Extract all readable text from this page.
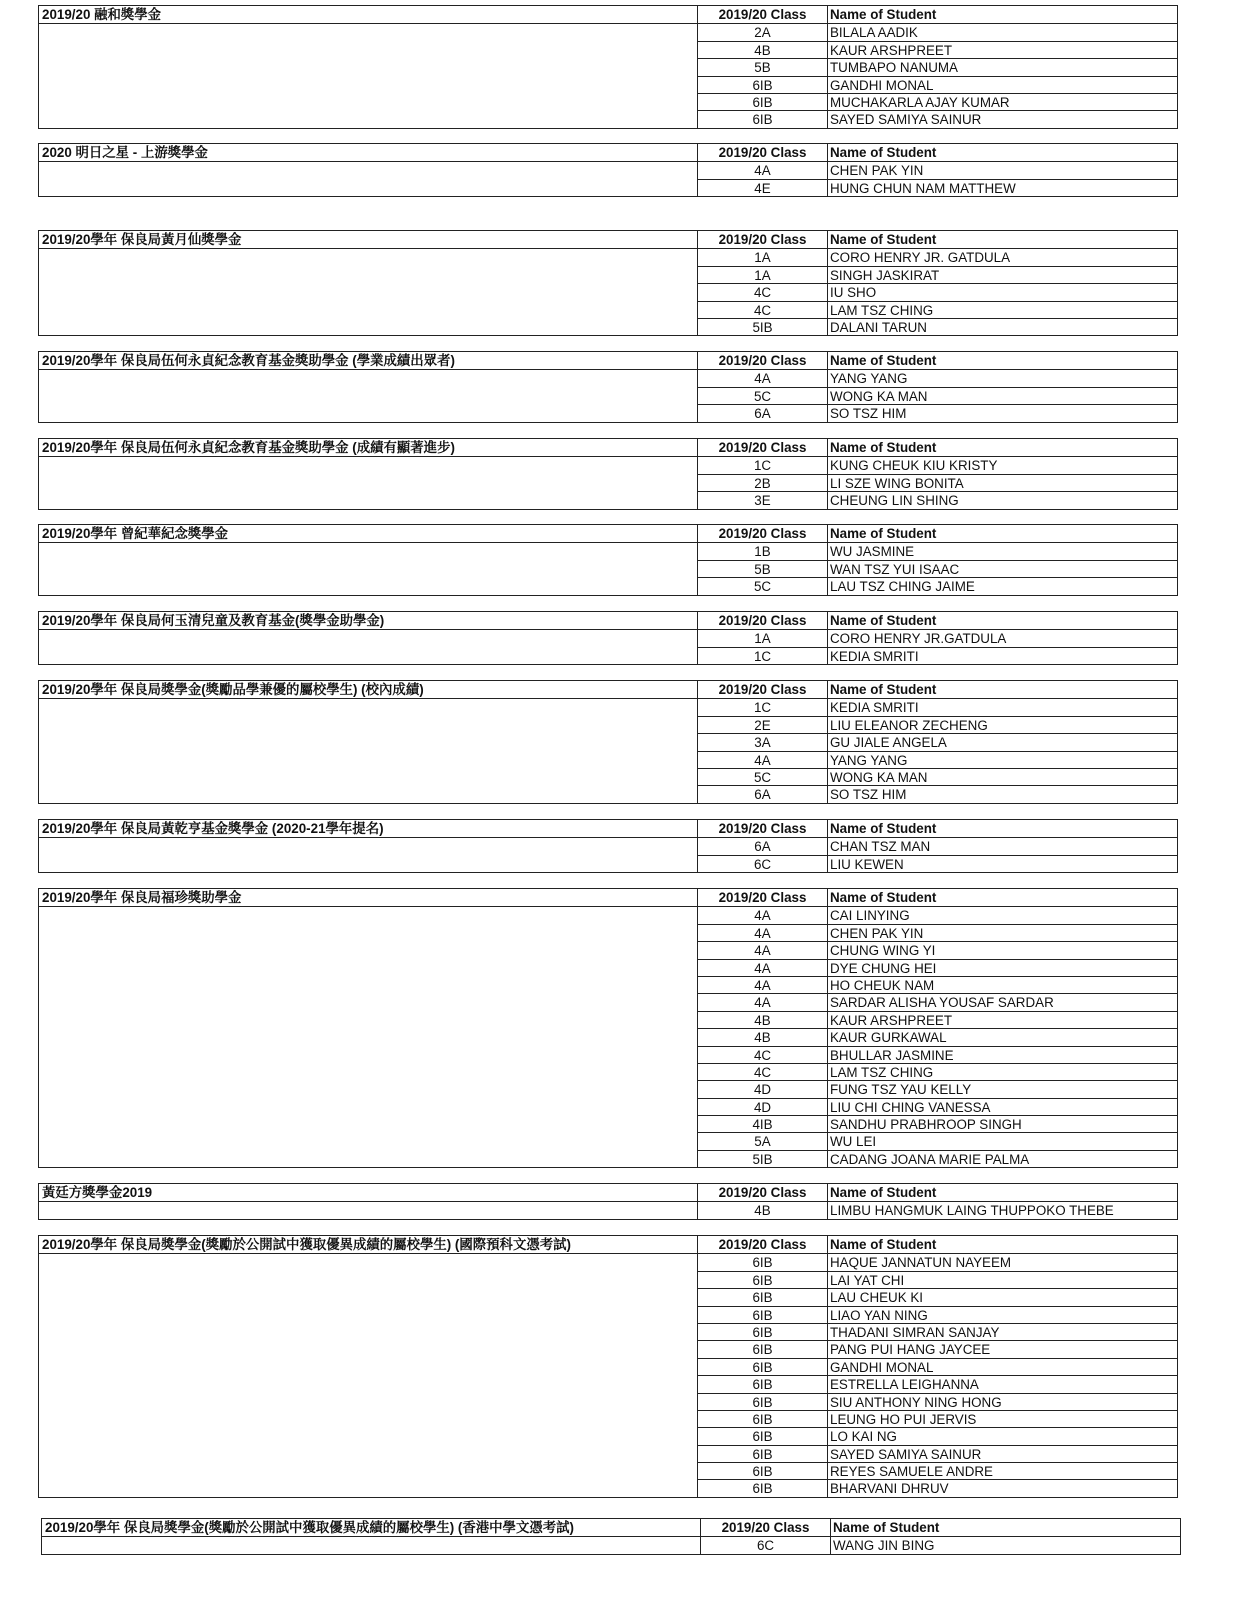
2019/20 融和獎學金	2019/20 Class	Name of Student
2A	BILALA AADIK
4B	KAUR ARSHPREET
5B	TUMBAPO NANUMA
6IB	GANDHI MONAL
6IB	MUCHAKARLA AJAY KUMAR
6IB	SAYED SAMIYA SAINUR
2020 明日之星 - 上游獎學金	2019/20 Class	Name of Student
4A	CHEN PAK YIN
4E	HUNG CHUN NAM MATTHEW
2019/20學年 保良局黃月仙獎學金	2019/20 Class	Name of Student
1A	CORO HENRY JR. GATDULA
1A	SINGH JASKIRAT
4C	IU SHO
4C	LAM TSZ CHING
5IB	DALANI TARUN
2019/20學年 保良局伍何永貞紀念教育基金獎助學金 (學業成績出眾者)	2019/20 Class	Name of Student
4A	YANG YANG
5C	WONG KA MAN
6A	SO TSZ HIM
2019/20學年 保良局伍何永貞紀念教育基金獎助學金 (成績有顯著進步)	2019/20 Class	Name of Student
1C	KUNG CHEUK KIU KRISTY
2B	LI SZE WING BONITA
3E	CHEUNG LIN SHING
2019/20學年 曾紀華紀念獎學金	2019/20 Class	Name of Student
1B	WU JASMINE
5B	WAN TSZ YUI ISAAC
5C	LAU TSZ CHING JAIME
2019/20學年 保良局何玉清兒童及教育基金(獎學金助學金)	2019/20 Class	Name of Student
1A	CORO HENRY JR.GATDULA
1C	KEDIA SMRITI
2019/20學年 保良局獎學金(獎勵品學兼優的屬校學生) (校內成績)	2019/20 Class	Name of Student
1C	KEDIA SMRITI
2E	LIU ELEANOR ZECHENG
3A	GU JIALE ANGELA
4A	YANG YANG
5C	WONG KA MAN
6A	SO TSZ HIM
2019/20學年 保良局黃乾亨基金獎學金 (2020-21學年提名)	2019/20 Class	Name of Student
6A	CHAN TSZ MAN
6C	LIU KEWEN
2019/20學年 保良局福珍獎助學金	2019/20 Class	Name of Student
4A	CAI LINYING
4A	CHEN PAK YIN
4A	CHUNG WING YI
4A	DYE CHUNG HEI
4A	HO CHEUK NAM
4A	SARDAR ALISHA YOUSAF SARDAR
4B	KAUR ARSHPREET
4B	KAUR GURKAWAL
4C	BHULLAR JASMINE
4C	LAM TSZ CHING
4D	FUNG TSZ YAU KELLY
4D	LIU CHI CHING VANESSA
4IB	SANDHU PRABHROOP SINGH
5A	WU LEI
5IB	CADANG JOANA MARIE PALMA
黃廷方獎學金2019	2019/20 Class	Name of Student
4B	LIMBU HANGMUK LAING THUPPOKO THEBE
2019/20學年 保良局獎學金(獎勵於公開試中獲取優異成績的屬校學生) (國際預科文憑考試)	2019/20 Class	Name of Student
6IB	HAQUE JANNATUN NAYEEM
6IB	LAI YAT CHI
6IB	LAU CHEUK KI
6IB	LIAO YAN NING
6IB	THADANI SIMRAN SANJAY
6IB	PANG PUI HANG JAYCEE
6IB	GANDHI MONAL
6IB	ESTRELLA LEIGHANNA
6IB	SIU ANTHONY NING HONG
6IB	LEUNG HO PUI JERVIS
6IB	LO KAI NG
6IB	SAYED SAMIYA SAINUR
6IB	REYES SAMUELE ANDRE
6IB	BHARVANI DHRUV
2019/20學年 保良局獎學金(獎勵於公開試中獲取優異成績的屬校學生) (香港中學文憑考試)	2019/20 Class	Name of Student
6C	WANG JIN BING
